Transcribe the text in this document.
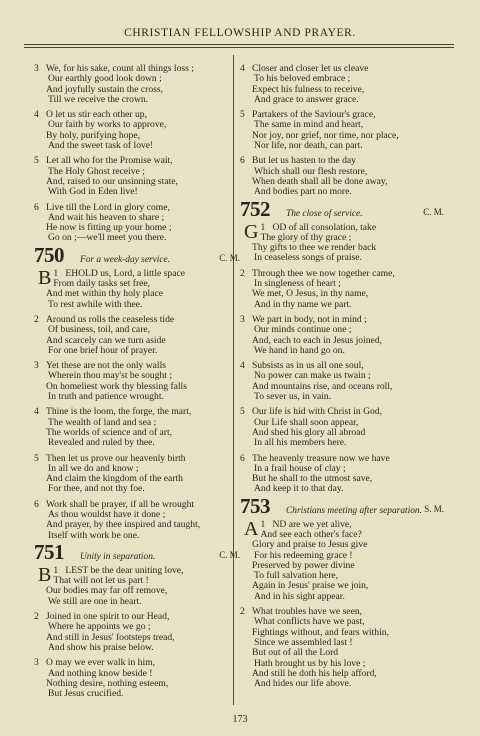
CHRISTIAN FELLOWSHIP AND PRAYER.
3 We, for his sake, count all things loss ;
Our earthly good look down ;
And joyfully sustain the cross,
Till we receive the crown.
4 O let us stir each other up,
Our faith by works to approve,
By holy, purifying hope,
And the sweet task of love!
5 Let all who for the Promise wait,
The Holy Ghost receive ;
And, raised to our unsinning state,
With God in Eden live!
6 Live till the Lord in glory come,
And wait his heaven to share ;
He now is fitting up your home ;
Go on ;—we'll meet you there.
750	For a week-day service.	C. M.
1
B EHOLD us, Lord, a little space
From daily tasks set free,
And met within thy holy place
To rest awhile with thee.
2 Around us rolls the ceaseless tide
Of business, toil, and care,
And scarcely can we turn aside
For one brief hour of prayer.
3 Yet these are not the only walls
Wherein thou may'st be sought ;
On homeliest work thy blessing falls
In truth and patience wrought.
4 Thine is the loom, the forge, the mart,
The wealth of land and sea ;
The worlds of science and of art,
Revealed and ruled by thee.
5 Then let us prove our heavenly birth
In all we do and know ;
And claim the kingdom of the earth
For thee, and not thy foe.
6 Work shall be prayer, if all be wrought
As thou wouldst have it done ;
And prayer, by thee inspired and taught,
Itself with work be one.
751	Unity in separation.	C. M.
1
B LEST be the dear uniting love,
That will not let us part !
Our bodies may far off remove,
We still are one in heart.
2 Joined in one spirit to our Head,
Where he appoints we go ;
And still in Jesus' footsteps tread,
And show his praise below.
3 O may we ever walk in him,
And nothing know beside !
Nothing desire, nothing esteem,
But Jesus crucified.
4 Closer and closer let us cleave
To his beloved embrace ;
Expect his fulness to receive,
And grace to answer grace.
5 Partakers of the Saviour's grace,
The same in mind and heart,
Nor joy, nor grief, nor time, nor place,
Nor life, nor death, can part.
6 But let us hasten to the day
Which shall our flesh restore,
When death shall all be done away,
And bodies part no more.
752	The close of service.	C. M.
1
G OD of all consolation, take
The glory of thy grace ;
Thy gifts to thee we render back
In ceaseless songs of praise.
2 Through thee we now together came,
In singleness of heart ;
We met, O Jesus, in thy name,
And in thy name we part.
3 We part in body, not in mind ;
Our minds continue one ;
And, each to each in Jesus joined,
We hand in hand go on.
4 Subsists as in us all one soul,
No power can make us twain ;
And mountains rise, and oceans roll,
To sever us, in vain.
5 Our life is hid with Christ in God,
Our Life shall soon appear,
And shed his glory all abroad
In all his members here.
6 The heavenly treasure now we have
In a frail house of clay ;
But he shall to the utmost save,
And keep it to that day.
753	Christians meeting after separation. S. M.
1
A ND are we yet alive,
And see each other's face?
Glory and praise to Jesus give
For his redeeming grace !
Preserved by power divine
To full salvation here,
Again in Jesus' praise we join,
And in his sight appear.
2 What troubles have we seen,
What conflicts have we past,
Fightings without, and fears within,
Since we assembled last !
But out of all the Lord
Hath brought us by his love ;
And still he doth his help afford,
And hides our life above.
173
